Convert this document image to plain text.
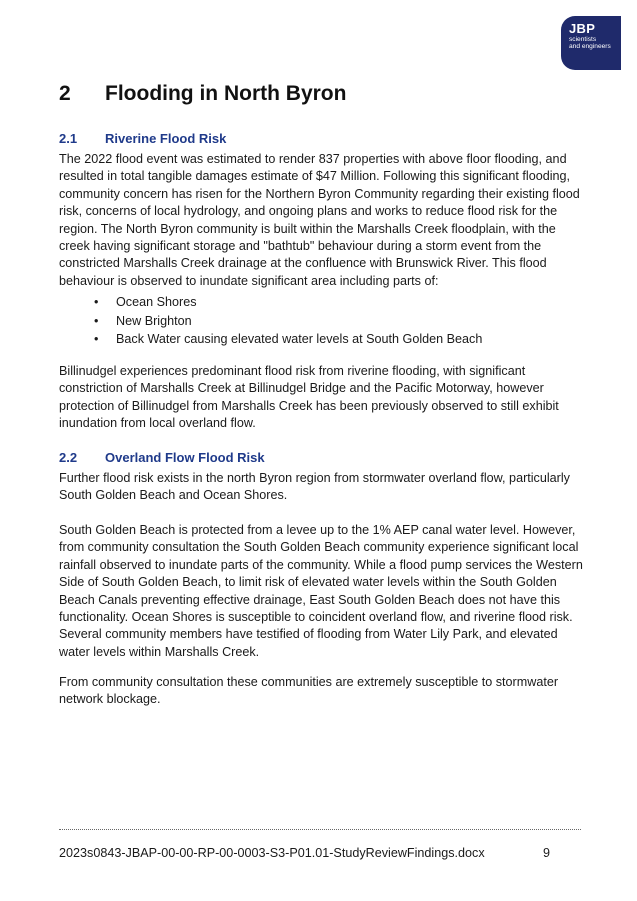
JBP
scientists
and engineers
2 Flooding in North Byron
2.1 Riverine Flood Risk

The 2022 flood event was estimated to render 837 properties with above floor flooding, and resulted in total tangible damages estimate of $47 Million. Following this significant flooding, community concern has risen for the Northern Byron Community regarding their existing flood risk, concerns of local hydrology, and ongoing plans and works to reduce flood risk for the region. The North Byron community is built within the Marshalls Creek floodplain, with the creek having significant storage and "bathtub" behaviour during a storm event from the constricted Marshalls Creek drainage at the confluence with Brunswick River. This flood behaviour is observed to inundate significant area including parts of:

• Ocean Shores
• New Brighton
• Back Water causing elevated water levels at South Golden Beach

Billinudgel experiences predominant flood risk from riverine flooding, with significant constriction of Marshalls Creek at Billinudgel Bridge and the Pacific Motorway, however protection of Billinudgel from Marshalls Creek has been previously observed to still exhibit inundation from local overland flow.

2.2 Overland Flow Flood Risk

Further flood risk exists in the north Byron region from stormwater overland flow, particularly South Golden Beach and Ocean Shores.

South Golden Beach is protected from a levee up to the 1% AEP canal water level. However, from community consultation the South Golden Beach community experience significant local rainfall observed to inundate parts of the community. While a flood pump services the Western Side of South Golden Beach, to limit risk of elevated water levels within the South Golden Beach Canals preventing effective drainage, East South Golden Beach does not have this functionality. Ocean Shores is susceptible to coincident overland flow, and riverine flood risk. Several community members have testified of flooding from Water Lily Park, and elevated water levels within Marshalls Creek.

From community consultation these communities are extremely susceptible to stormwater network blockage.

2023s0843-JBAP-00-00-RP-00-0003-S3-P01.01-StudyReviewFindings.docx	9
